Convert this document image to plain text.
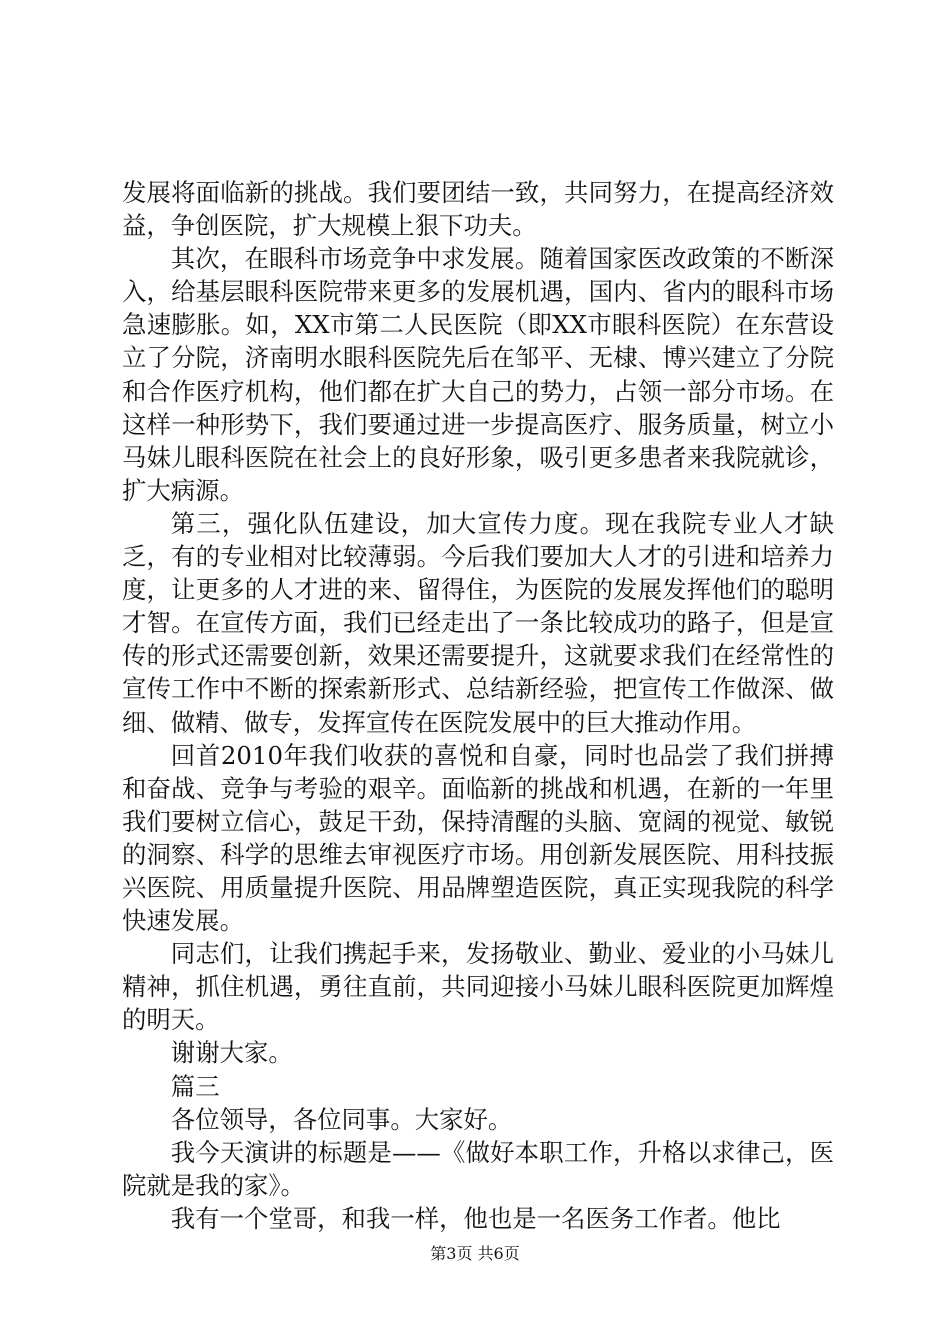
发展将面临新的挑战。我们要团结一致，共同努力，在提高经济效益，争创医院，扩大规模上狠下功夫。

其次，在眼科市场竞争中求发展。随着国家医改政策的不断深入，给基层眼科医院带来更多的发展机遇，国内、省内的眼科市场急速膨胀。如，XX市第二人民医院（即XX市眼科医院）在东营设立了分院，济南明水眼科医院先后在邹平、无棣、博兴建立了分院和合作医疗机构，他们都在扩大自己的势力，占领一部分市场。在这样一种形势下，我们要通过进一步提高医疗、服务质量，树立小马妹儿眼科医院在社会上的良好形象，吸引更多患者来我院就诊，扩大病源。

第三，强化队伍建设，加大宣传力度。现在我院专业人才缺乏，有的专业相对比较薄弱。今后我们要加大人才的引进和培养力度，让更多的人才进的来、留得住，为医院的发展发挥他们的聪明才智。在宣传方面，我们已经走出了一条比较成功的路子，但是宣传的形式还需要创新，效果还需要提升，这就要求我们在经常性的宣传工作中不断的探索新形式、总结新经验，把宣传工作做深、做细、做精、做专，发挥宣传在医院发展中的巨大推动作用。

回首2010年我们收获的喜悦和自豪，同时也品尝了我们拼搏和奋战、竞争与考验的艰辛。面临新的挑战和机遇，在新的一年里我们要树立信心，鼓足干劲，保持清醒的头脑、宽阔的视觉、敏锐的洞察、科学的思维去审视医疗市场。用创新发展医院、用科技振兴医院、用质量提升医院、用品牌塑造医院，真正实现我院的科学快速发展。

同志们，让我们携起手来，发扬敬业、勤业、爱业的小马妹儿精神，抓住机遇，勇往直前，共同迎接小马妹儿眼科医院更加辉煌的明天。

谢谢大家。

篇三

各位领导，各位同事。大家好。

我今天演讲的标题是——《做好本职工作，升格以求律己，医院就是我的家》。

我有一个堂哥，和我一样，他也是一名医务工作者。他比

第3页 共6页
